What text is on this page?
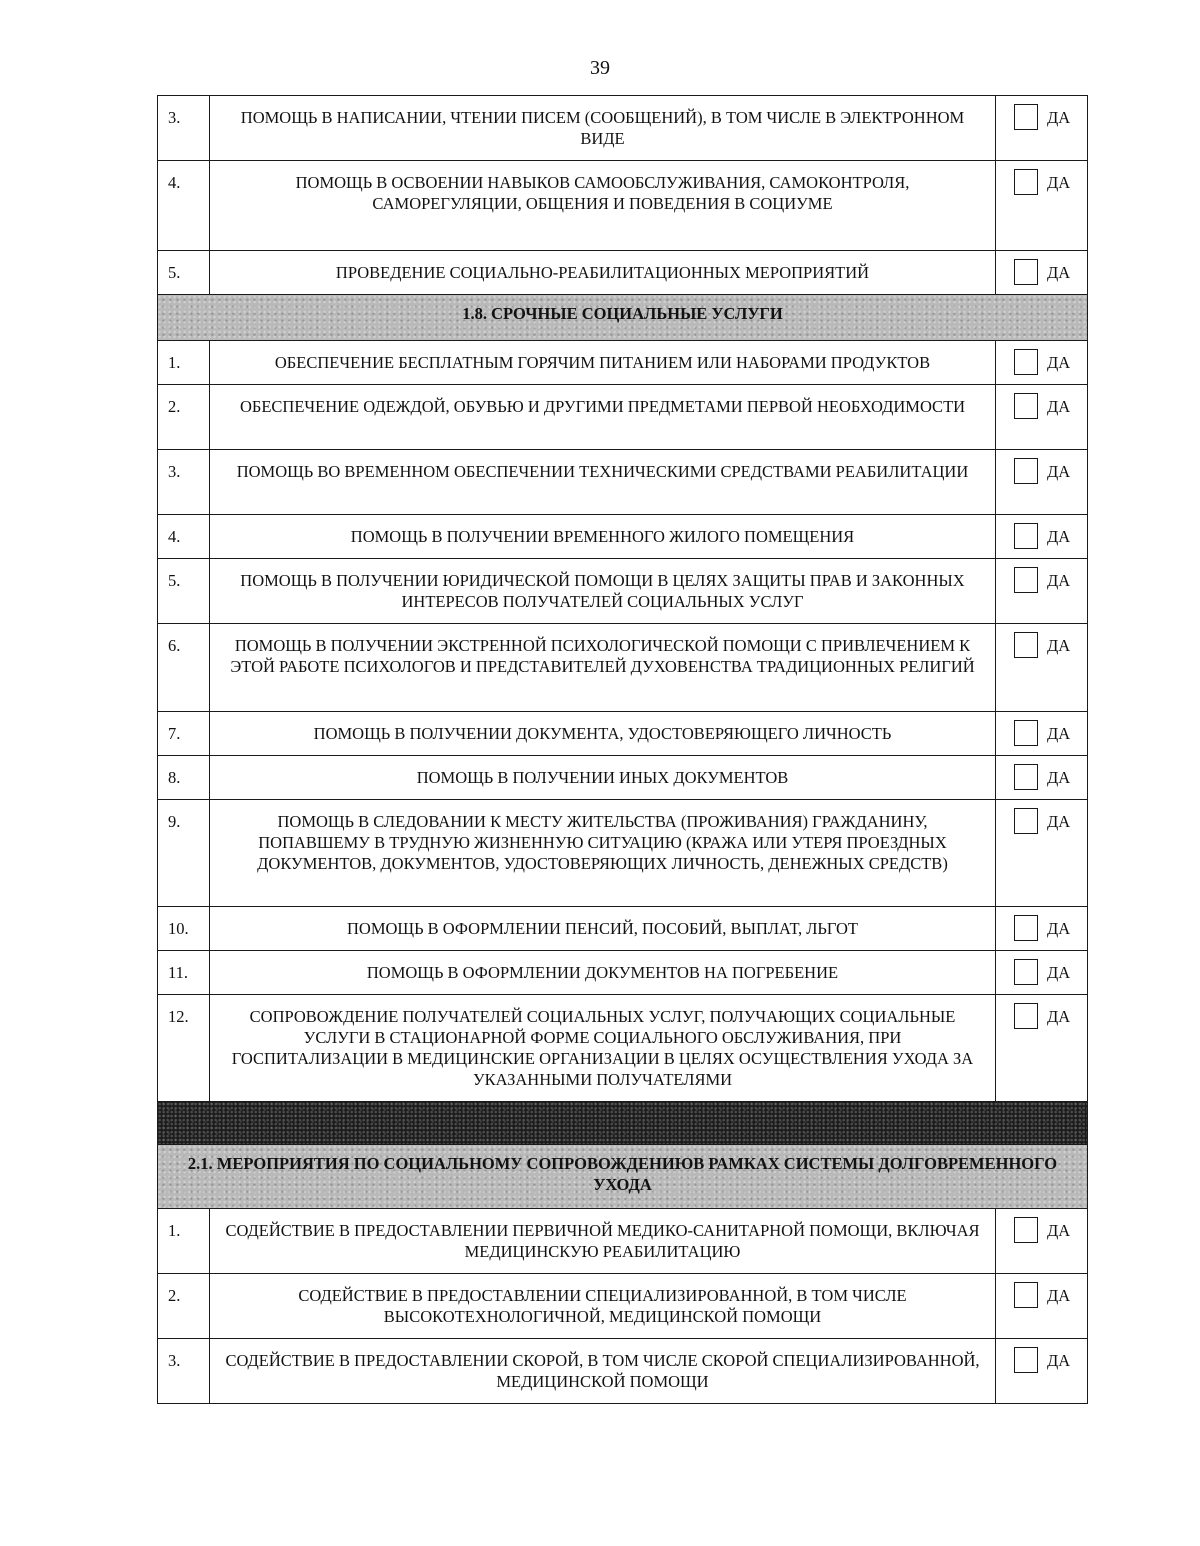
39
3.	ПОМОЩЬ В НАПИСАНИИ, ЧТЕНИИ ПИСЕМ (СООБЩЕНИЙ), В ТОМ ЧИСЛЕ В ЭЛЕКТРОННОМ ВИДЕ	ДА
4.	ПОМОЩЬ В ОСВОЕНИИ НАВЫКОВ САМООБСЛУЖИВАНИЯ, САМОКОНТРОЛЯ, САМОРЕГУЛЯЦИИ, ОБЩЕНИЯ И ПОВЕДЕНИЯ В СОЦИУМЕ	ДА
5.	ПРОВЕДЕНИЕ СОЦИАЛЬНО-РЕАБИЛИТАЦИОННЫХ МЕРОПРИЯТИЙ	ДА
1.8. СРОЧНЫЕ СОЦИАЛЬНЫЕ УСЛУГИ		
1.	ОБЕСПЕЧЕНИЕ БЕСПЛАТНЫМ ГОРЯЧИМ ПИТАНИЕМ ИЛИ НАБОРАМИ ПРОДУКТОВ	ДА
2.	ОБЕСПЕЧЕНИЕ ОДЕЖДОЙ, ОБУВЬЮ И ДРУГИМИ ПРЕДМЕТАМИ ПЕРВОЙ НЕОБХОДИМОСТИ	ДА
3.	ПОМОЩЬ ВО ВРЕМЕННОМ ОБЕСПЕЧЕНИИ ТЕХНИЧЕСКИМИ СРЕДСТВАМИ РЕАБИЛИТАЦИИ	ДА
4.	ПОМОЩЬ В ПОЛУЧЕНИИ ВРЕМЕННОГО ЖИЛОГО ПОМЕЩЕНИЯ	ДА
5.	ПОМОЩЬ В ПОЛУЧЕНИИ ЮРИДИЧЕСКОЙ ПОМОЩИ В ЦЕЛЯХ ЗАЩИТЫ ПРАВ И ЗАКОННЫХ ИНТЕРЕСОВ ПОЛУЧАТЕЛЕЙ СОЦИАЛЬНЫХ УСЛУГ	ДА
6.	ПОМОЩЬ В ПОЛУЧЕНИИ ЭКСТРЕННОЙ ПСИХОЛОГИЧЕСКОЙ ПОМОЩИ С ПРИВЛЕЧЕНИЕМ К ЭТОЙ РАБОТЕ ПСИХОЛОГОВ И ПРЕДСТАВИТЕЛЕЙ ДУХОВЕНСТВА ТРАДИЦИОННЫХ РЕЛИГИЙ	ДА
7.	ПОМОЩЬ В ПОЛУЧЕНИИ ДОКУМЕНТА, УДОСТОВЕРЯЮЩЕГО ЛИЧНОСТЬ	ДА
8.	ПОМОЩЬ В ПОЛУЧЕНИИ ИНЫХ ДОКУМЕНТОВ	ДА
9.	ПОМОЩЬ В СЛЕДОВАНИИ К МЕСТУ ЖИТЕЛЬСТВА (ПРОЖИВАНИЯ) ГРАЖДАНИНУ, ПОПАВШЕМУ В ТРУДНУЮ ЖИЗНЕННУЮ СИТУАЦИЮ (КРАЖА ИЛИ УТЕРЯ ПРОЕЗДНЫХ ДОКУМЕНТОВ, ДОКУМЕНТОВ, УДОСТОВЕРЯЮЩИХ ЛИЧНОСТЬ, ДЕНЕЖНЫХ СРЕДСТВ)	ДА
10.	ПОМОЩЬ В ОФОРМЛЕНИИ ПЕНСИЙ, ПОСОБИЙ, ВЫПЛАТ, ЛЬГОТ	ДА
11.	ПОМОЩЬ В ОФОРМЛЕНИИ ДОКУМЕНТОВ НА ПОГРЕБЕНИЕ	ДА
12.	СОПРОВОЖДЕНИЕ ПОЛУЧАТЕЛЕЙ СОЦИАЛЬНЫХ УСЛУГ, ПОЛУЧАЮЩИХ СОЦИАЛЬНЫЕ УСЛУГИ В СТАЦИОНАРНОЙ ФОРМЕ СОЦИАЛЬНОГО ОБСЛУЖИВАНИЯ, ПРИ ГОСПИТАЛИЗАЦИИ В МЕДИЦИНСКИЕ ОРГАНИЗАЦИИ В ЦЕЛЯХ ОСУЩЕСТВЛЕНИЯ УХОДА ЗА УКАЗАННЫМИ ПОЛУЧАТЕЛЯМИ	ДА

2.1. МЕРОПРИЯТИЯ ПО СОЦИАЛЬНОМУ СОПРОВОЖДЕНИЮВ РАМКАХ СИСТЕМЫ ДОЛГОВРЕМЕННОГО УХОДА		
1.	СОДЕЙСТВИЕ В ПРЕДОСТАВЛЕНИИ ПЕРВИЧНОЙ МЕДИКО-САНИТАРНОЙ ПОМОЩИ, ВКЛЮЧАЯ МЕДИЦИНСКУЮ РЕАБИЛИТАЦИЮ	ДА
2.	СОДЕЙСТВИЕ В ПРЕДОСТАВЛЕНИИ СПЕЦИАЛИЗИРОВАННОЙ, В ТОМ ЧИСЛЕ ВЫСОКОТЕХНОЛОГИЧНОЙ, МЕДИЦИНСКОЙ ПОМОЩИ	ДА
3.	СОДЕЙСТВИЕ В ПРЕДОСТАВЛЕНИИ СКОРОЙ, В ТОМ ЧИСЛЕ СКОРОЙ СПЕЦИАЛИЗИРОВАННОЙ, МЕДИЦИНСКОЙ ПОМОЩИ	ДА
